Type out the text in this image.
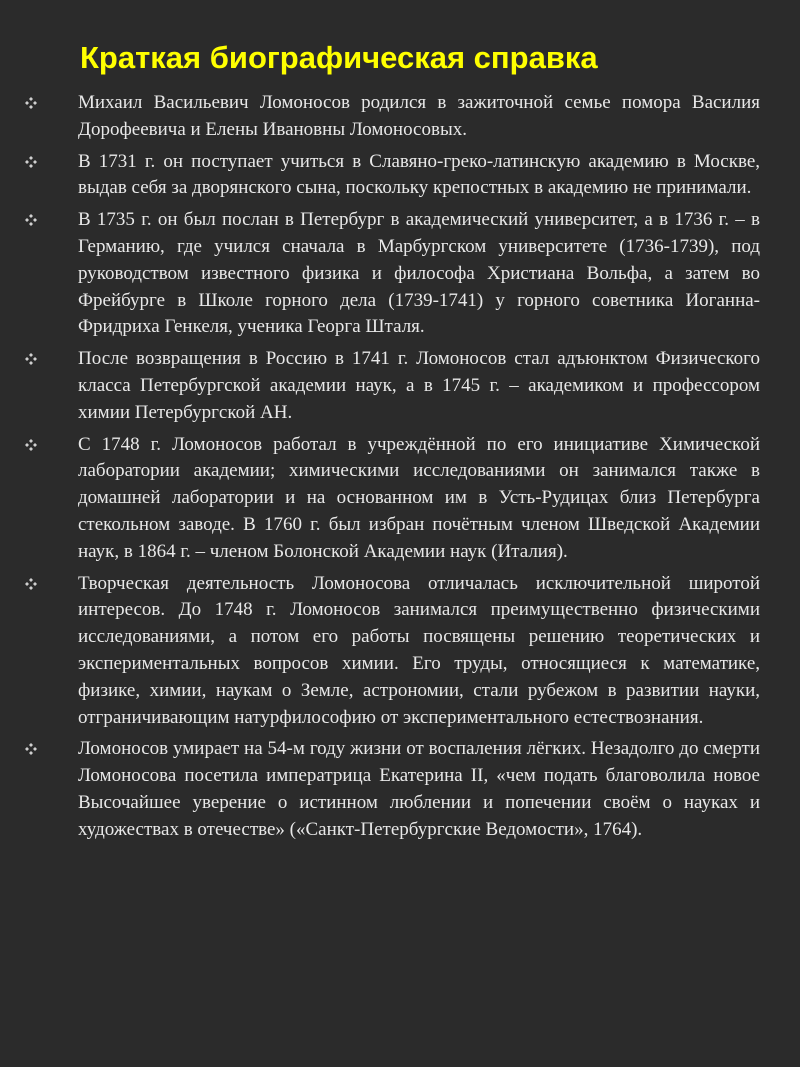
Краткая биографическая справка

Михаил Васильевич Ломоносов родился в зажиточной семье помора Василия Дорофеевича и Елены Ивановны Ломоносовых.

В 1731 г. он поступает учиться в Славяно-греко-латинскую академию в Москве, выдав себя за дворянского сына, поскольку крепостных в академию не принимали.

В 1735 г. он был послан в Петербург в академический университет, а в 1736 г. – в Германию, где учился сначала в Марбургском университете (1736-1739), под руководством известного физика и философа Христиана Вольфа, а затем во Фрейбурге в Школе горного дела (1739-1741) у горного советника Иоганна-Фридриха Генкеля, ученика Георга Шталя.

После возвращения в Россию в 1741 г. Ломоносов стал адъюнктом Физического класса Петербургской академии наук, а в 1745 г. – академиком и профессором химии Петербургской АН.

С 1748 г. Ломоносов работал в учреждённой по его инициативе Химической лаборатории академии; химическими исследованиями он занимался также в домашней лаборатории и на основанном им в Усть-Рудицах близ Петербурга стекольном заводе. В 1760 г. был избран почётным членом Шведской Академии наук, в 1864 г. – членом Болонской Академии наук (Италия).

Творческая деятельность Ломоносова отличалась исключительной широтой интересов. До 1748 г. Ломоносов занимался преимущественно физическими исследованиями, а потом его работы посвящены решению теоретических и экспериментальных вопросов химии. Его труды, относящиеся к математике, физике, химии, наукам о Земле, астрономии, стали рубежом в развитии науки, отграничивающим натурфилософию от экспериментального естествознания.

Ломоносов умирает на 54-м году жизни от воспаления лёгких. Незадолго до смерти Ломоносова посетила императрица Екатерина II, «чем подать благоволила новое Высочайшее уверение о истинном люблении и попечении своём о науках и художествах в отечестве» («Санкт-Петербургские Ведомости», 1764).
